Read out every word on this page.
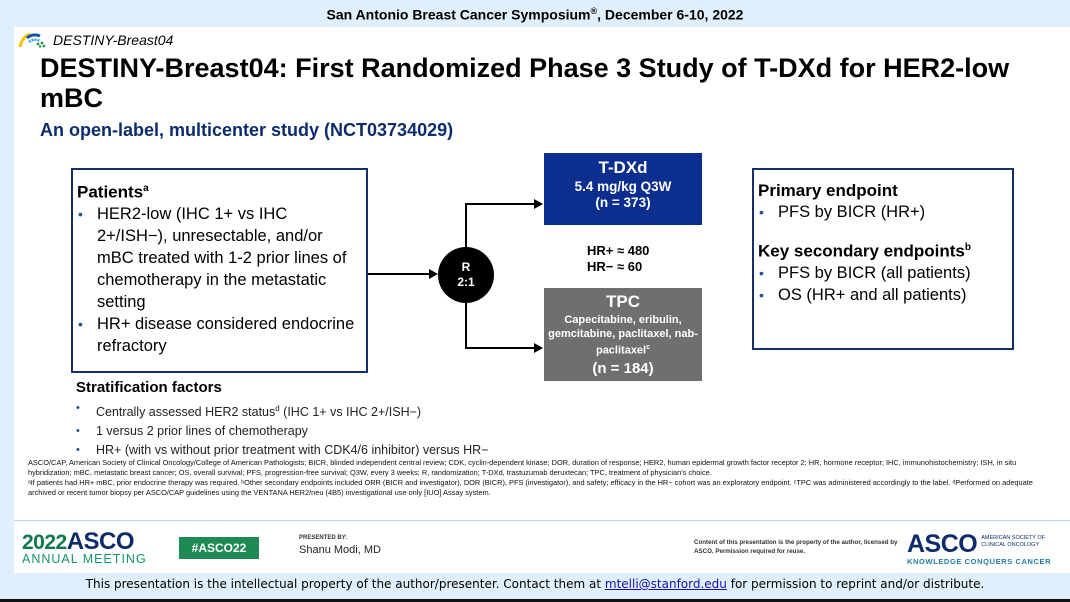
San Antonio Breast Cancer Symposium®, December 6-10, 2022
DESTINY-Breast04
DESTINY-Breast04: First Randomized Phase 3 Study of T-DXd for HER2-low mBC
An open-label, multicenter study (NCT03734029)
Patients$^a$
• HER2-low (IHC 1+ vs IHC 2+/ISH−), unresectable, and/or mBC treated with 1-2 prior lines of chemotherapy in the metastatic setting
• HR+ disease considered endocrine refractory
R
2:1
T-DXd
5.4 mg/kg Q3W
(n = 373)
HR+ ≈ 480
HR− ≈ 60
TPC
Capecitabine, eribulin, gemcitabine, paclitaxel, nab-paclitaxel$^c$
(n = 184)
Primary endpoint
• PFS by BICR (HR+)
Key secondary endpoints$^b$
• PFS by BICR (all patients)
• OS (HR+ and all patients)
Stratification factors
• Centrally assessed HER2 status$^d$ (IHC 1+ vs IHC 2+/ISH−)
• 1 versus 2 prior lines of chemotherapy
• HR+ (with vs without prior treatment with CDK4/6 inhibitor) versus HR−

ASCO/CAP, American Society of Clinical Oncology/College of American Pathologists; BICR, blinded independent central review; CDK, cyclin-dependent kinase; DOR, duration of response; HER2, human epidermal growth factor receptor 2; HR, hormone receptor; IHC, immunohistochemistry; ISH, in situ hybridization; mBC, metastatic breast cancer; OS, overall survival; PFS, progression-free survival; Q3W, every 3 weeks; R, randomization; T-DXd, trastuzumab deruxtecan; TPC, treatment of physician's choice.

ᵃIf patients had HR+ mBC, prior endocrine therapy was required. ᵇOther secondary endpoints included ORR (BICR and investigator), DOR (BICR), PFS (investigator), and safety; efficacy in the HR− cohort was an exploratory endpoint. ᶜTPC was administered accordingly to the label. ᵈPerformed on adequate archived or recent tumor biopsy per ASCO/CAP guidelines using the VENTANA HER2/neu (4B5) investigational use only [IUO] Assay system.

2022ASCO
ANNUAL MEETING
#ASCO22
PRESENTED BY:
Shanu Modi, MD
Content of this presentation is the property of the author, licensed by ASCO. Permission required for reuse.	ASCO AMERICAN SOCIETY OF
CLINICAL ONCOLOGY
KNOWLEDGE CONQUERS CANCER
This presentation is the intellectual property of the author/presenter. Contact them at mtelli@stanford.edu for permission to reprint and/or distribute.
